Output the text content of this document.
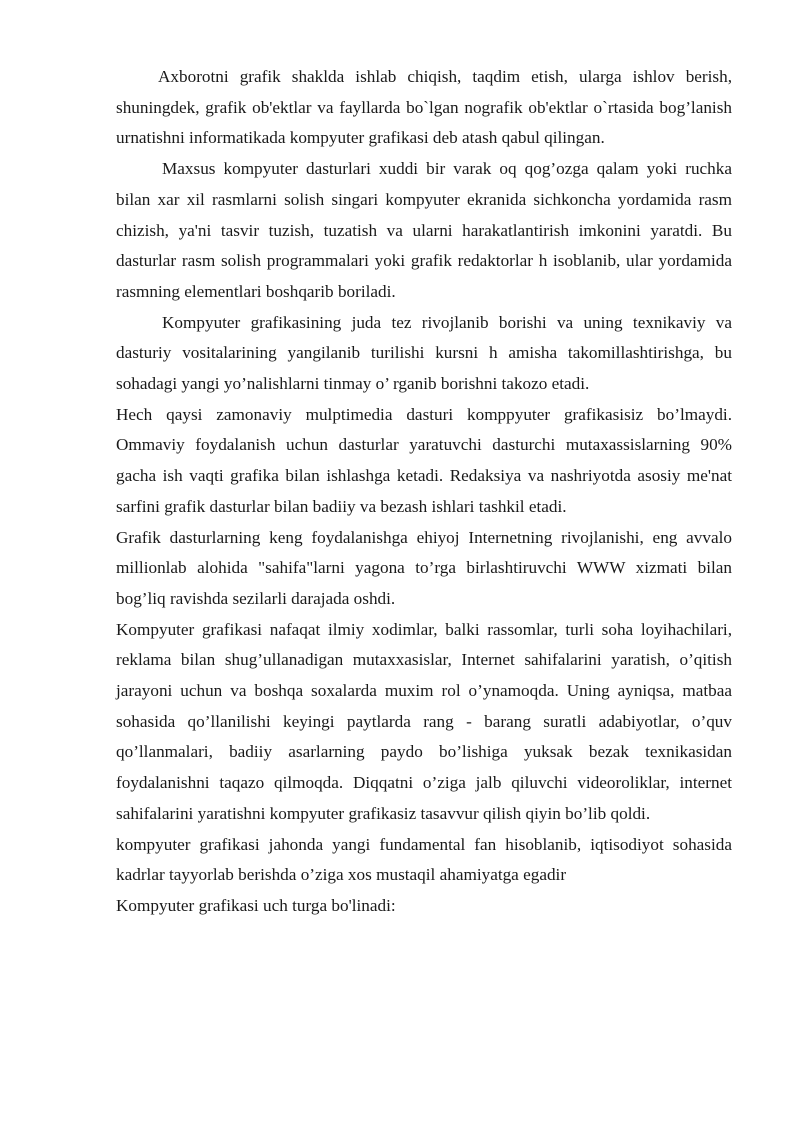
Axborotni grafik shaklda ishlab chiqish, taqdim etish, ularga ishlov berish, shuningdek, grafik ob'ektlar va fayllarda bo`lgan nografik ob'ektlar o`rtasida bog’lanish urnatishni informatikada kompyuter grafikasi deb atash qabul qilingan.

Maxsus kompyuter dasturlari xuddi bir varak oq qog’ozga qalam yoki ruchka bilan xar xil rasmlarni solish singari kompyuter ekranida sichkoncha yordamida rasm chizish, ya'ni tasvir tuzish, tuzatish va ularni harakatlantirish imkonini yaratdi. Bu dasturlar rasm solish programmalari yoki grafik redaktorlar h isoblanib, ular yordamida rasmning elementlari boshqarib boriladi.

Kompyuter grafikasining juda tez rivojlanib borishi va uning texnikaviy va dasturiy vositalarining yangilanib turilishi kursni h amisha takomillashtirishga, bu sohadagi yangi yo’nalishlarni tinmay o’ rganib borishni takozo etadi.

Hech qaysi zamonaviy mulptimedia dasturi komppyuter grafikasisiz bo’lmaydi. Ommaviy foydalanish uchun dasturlar yaratuvchi dasturchi mutaxassislarning 90% gacha ish vaqti grafika bilan ishlashga ketadi. Redaksiya va nashriyotda asosiy me'nat sarfini grafik dasturlar bilan badiiy va bezash ishlari tashkil etadi.

Grafik dasturlarning keng foydalanishga ehiyoj Internetning rivojlanishi, eng avvalo millionlab alohida "sahifa"larni yagona to’rga birlashtiruvchi WWW xizmati bilan bog’liq ravishda sezilarli darajada oshdi.

Kompyuter grafikasi nafaqat ilmiy xodimlar, balki rassomlar, turli soha loyihachilari, reklama bilan shug’ullanadigan mutaxxasislar, Internet sahifalarini yaratish, o’qitish jarayoni uchun va boshqa soxalarda muxim rol o’ynamoqda. Uning ayniqsa, matbaa sohasida qo’llanilishi keyingi paytlarda rang - barang suratli adabiyotlar, o’quv qo’llanmalari, badiiy asarlarning paydo bo’lishiga yuksak bezak texnikasidan foydalanishni taqazo qilmoqda. Diqqatni o’ziga jalb qiluvchi videoroliklar, internet sahifalarini yaratishni kompyuter grafikasiz tasavvur qilish qiyin bo’lib qoldi.

kompyuter grafikasi jahonda yangi fundamental fan hisoblanib, iqtisodiyot sohasida kadrlar tayyorlab berishda o’ziga xos mustaqil ahamiyatga egadir

Kompyuter grafikasi uch turga bo'linadi:
